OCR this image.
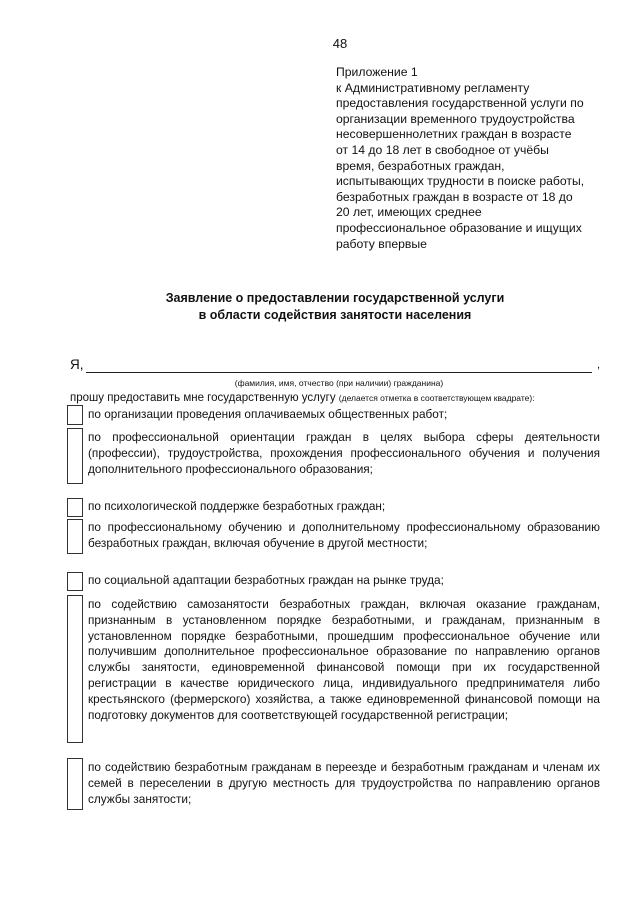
48
Приложение 1
к Административному регламенту
предоставления государственной услуги по
организации временного трудоустройства
несовершеннолетних граждан в возрасте
от 14 до 18 лет в свободное от учёбы
время, безработных граждан,
испытывающих трудности в поиске работы,
безработных граждан в возрасте от 18 до
20 лет, имеющих среднее
профессиональное образование и ищущих
работу впервые
Заявление о предоставлении государственной услуги
в области содействия занятости населения
Я,	,
(фамилия, имя, отчество (при наличии) гражданина)
прошу предоставить мне государственную услугу (делается отметка в соответствующем квадрате):
по организации проведения оплачиваемых общественных работ;
по профессиональной ориентации граждан в целях выбора сферы деятельности (профессии), трудоустройства, прохождения профессионального обучения и получения дополнительного профессионального образования;
по психологической поддержке безработных граждан;
по профессиональному обучению и дополнительному профессиональному образованию безработных граждан, включая обучение в другой местности;
по социальной адаптации безработных граждан на рынке труда;
по содействию самозанятости безработных граждан, включая оказание гражданам, признанным в установленном порядке безработными, и гражданам, признанным в установленном порядке безработными, прошедшим профессиональное обучение или получившим дополнительное профессиональное образование по направлению органов службы занятости, единовременной финансовой помощи при их государственной регистрации в качестве юридического лица, индивидуального предпринимателя либо крестьянского (фермерского) хозяйства, а также единовременной финансовой помощи на подготовку документов для соответствующей государственной регистрации;
по содействию безработным гражданам в переезде и безработным гражданам и членам их семей в переселении в другую местность для трудоустройства по направлению органов службы занятости;
